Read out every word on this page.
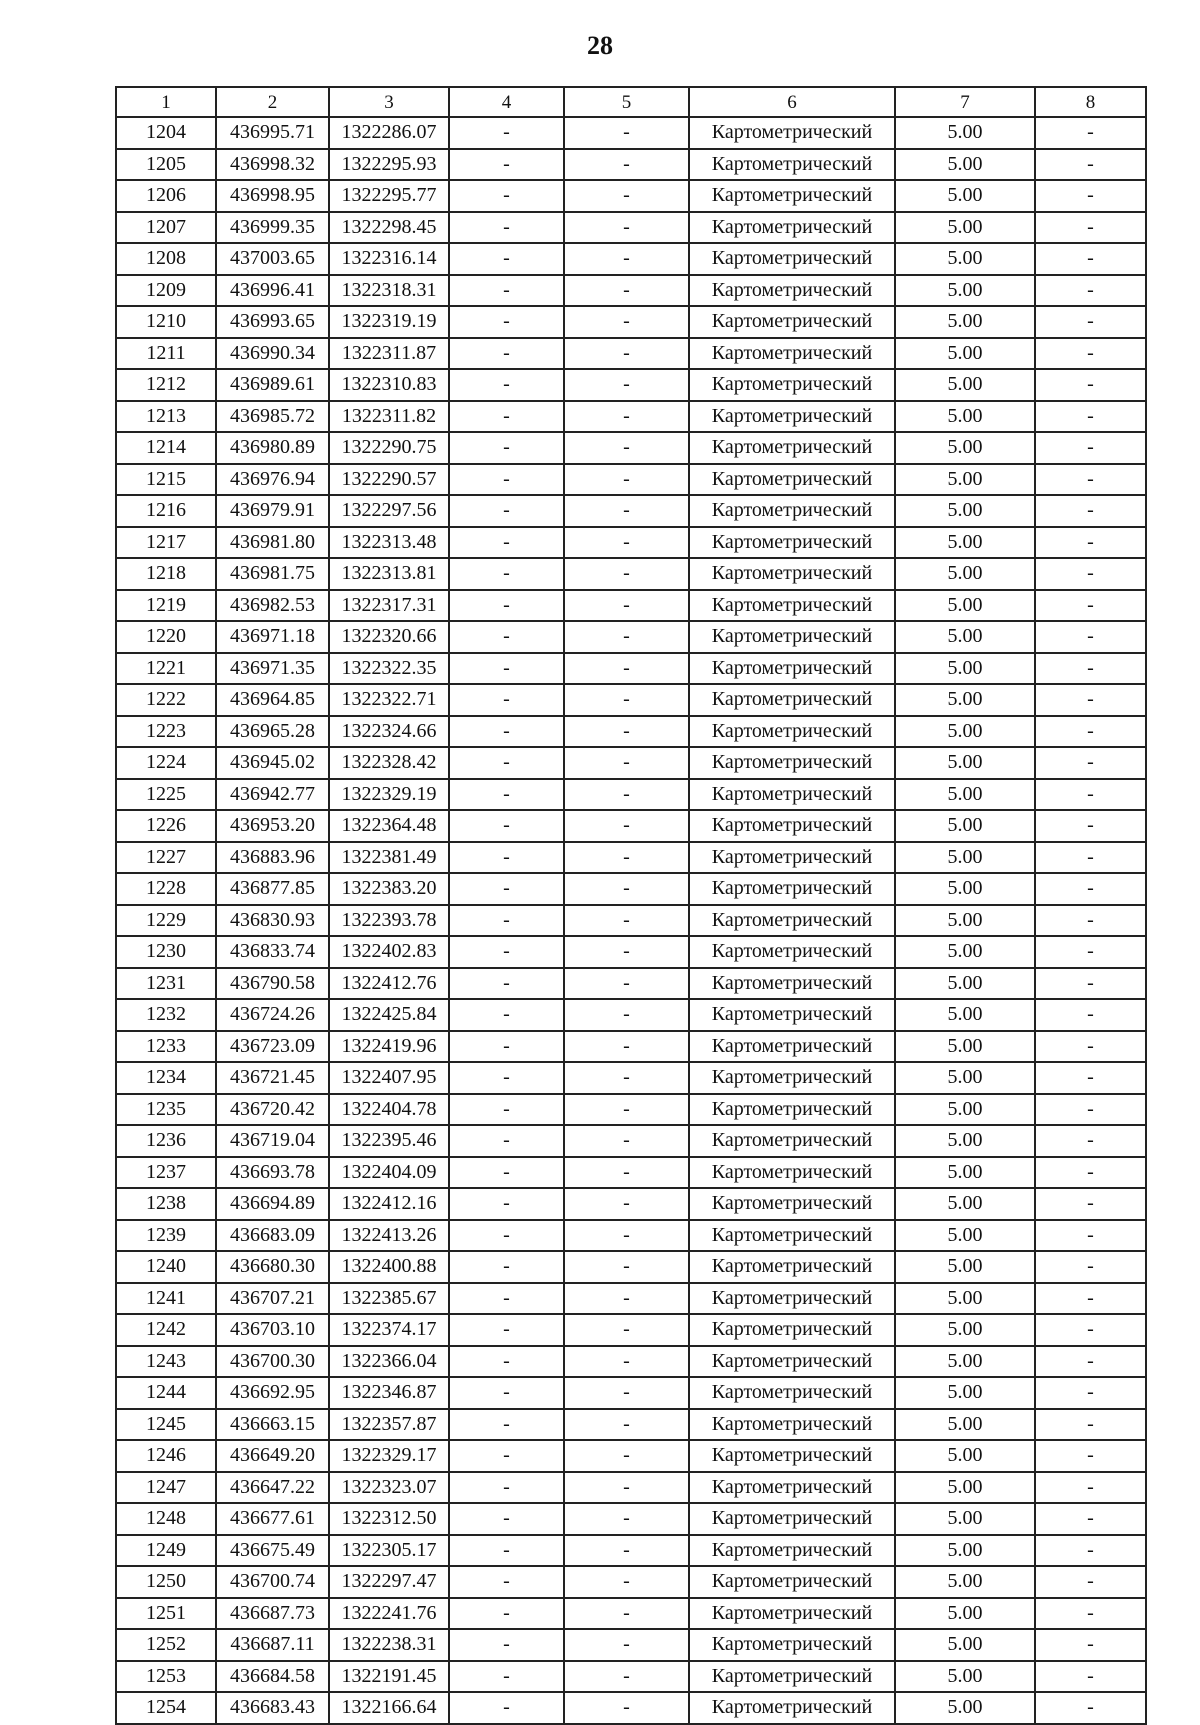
28
1	2	3	4	5	6	7	8
1204	436995.71	1322286.07	-	-	Картометрический	5.00	-
1205	436998.32	1322295.93	-	-	Картометрический	5.00	-
1206	436998.95	1322295.77	-	-	Картометрический	5.00	-
1207	436999.35	1322298.45	-	-	Картометрический	5.00	-
1208	437003.65	1322316.14	-	-	Картометрический	5.00	-
1209	436996.41	1322318.31	-	-	Картометрический	5.00	-
1210	436993.65	1322319.19	-	-	Картометрический	5.00	-
1211	436990.34	1322311.87	-	-	Картометрический	5.00	-
1212	436989.61	1322310.83	-	-	Картометрический	5.00	-
1213	436985.72	1322311.82	-	-	Картометрический	5.00	-
1214	436980.89	1322290.75	-	-	Картометрический	5.00	-
1215	436976.94	1322290.57	-	-	Картометрический	5.00	-
1216	436979.91	1322297.56	-	-	Картометрический	5.00	-
1217	436981.80	1322313.48	-	-	Картометрический	5.00	-
1218	436981.75	1322313.81	-	-	Картометрический	5.00	-
1219	436982.53	1322317.31	-	-	Картометрический	5.00	-
1220	436971.18	1322320.66	-	-	Картометрический	5.00	-
1221	436971.35	1322322.35	-	-	Картометрический	5.00	-
1222	436964.85	1322322.71	-	-	Картометрический	5.00	-
1223	436965.28	1322324.66	-	-	Картометрический	5.00	-
1224	436945.02	1322328.42	-	-	Картометрический	5.00	-
1225	436942.77	1322329.19	-	-	Картометрический	5.00	-
1226	436953.20	1322364.48	-	-	Картометрический	5.00	-
1227	436883.96	1322381.49	-	-	Картометрический	5.00	-
1228	436877.85	1322383.20	-	-	Картометрический	5.00	-
1229	436830.93	1322393.78	-	-	Картометрический	5.00	-
1230	436833.74	1322402.83	-	-	Картометрический	5.00	-
1231	436790.58	1322412.76	-	-	Картометрический	5.00	-
1232	436724.26	1322425.84	-	-	Картометрический	5.00	-
1233	436723.09	1322419.96	-	-	Картометрический	5.00	-
1234	436721.45	1322407.95	-	-	Картометрический	5.00	-
1235	436720.42	1322404.78	-	-	Картометрический	5.00	-
1236	436719.04	1322395.46	-	-	Картометрический	5.00	-
1237	436693.78	1322404.09	-	-	Картометрический	5.00	-
1238	436694.89	1322412.16	-	-	Картометрический	5.00	-
1239	436683.09	1322413.26	-	-	Картометрический	5.00	-
1240	436680.30	1322400.88	-	-	Картометрический	5.00	-
1241	436707.21	1322385.67	-	-	Картометрический	5.00	-
1242	436703.10	1322374.17	-	-	Картометрический	5.00	-
1243	436700.30	1322366.04	-	-	Картометрический	5.00	-
1244	436692.95	1322346.87	-	-	Картометрический	5.00	-
1245	436663.15	1322357.87	-	-	Картометрический	5.00	-
1246	436649.20	1322329.17	-	-	Картометрический	5.00	-
1247	436647.22	1322323.07	-	-	Картометрический	5.00	-
1248	436677.61	1322312.50	-	-	Картометрический	5.00	-
1249	436675.49	1322305.17	-	-	Картометрический	5.00	-
1250	436700.74	1322297.47	-	-	Картометрический	5.00	-
1251	436687.73	1322241.76	-	-	Картометрический	5.00	-
1252	436687.11	1322238.31	-	-	Картометрический	5.00	-
1253	436684.58	1322191.45	-	-	Картометрический	5.00	-
1254	436683.43	1322166.64	-	-	Картометрический	5.00	-
